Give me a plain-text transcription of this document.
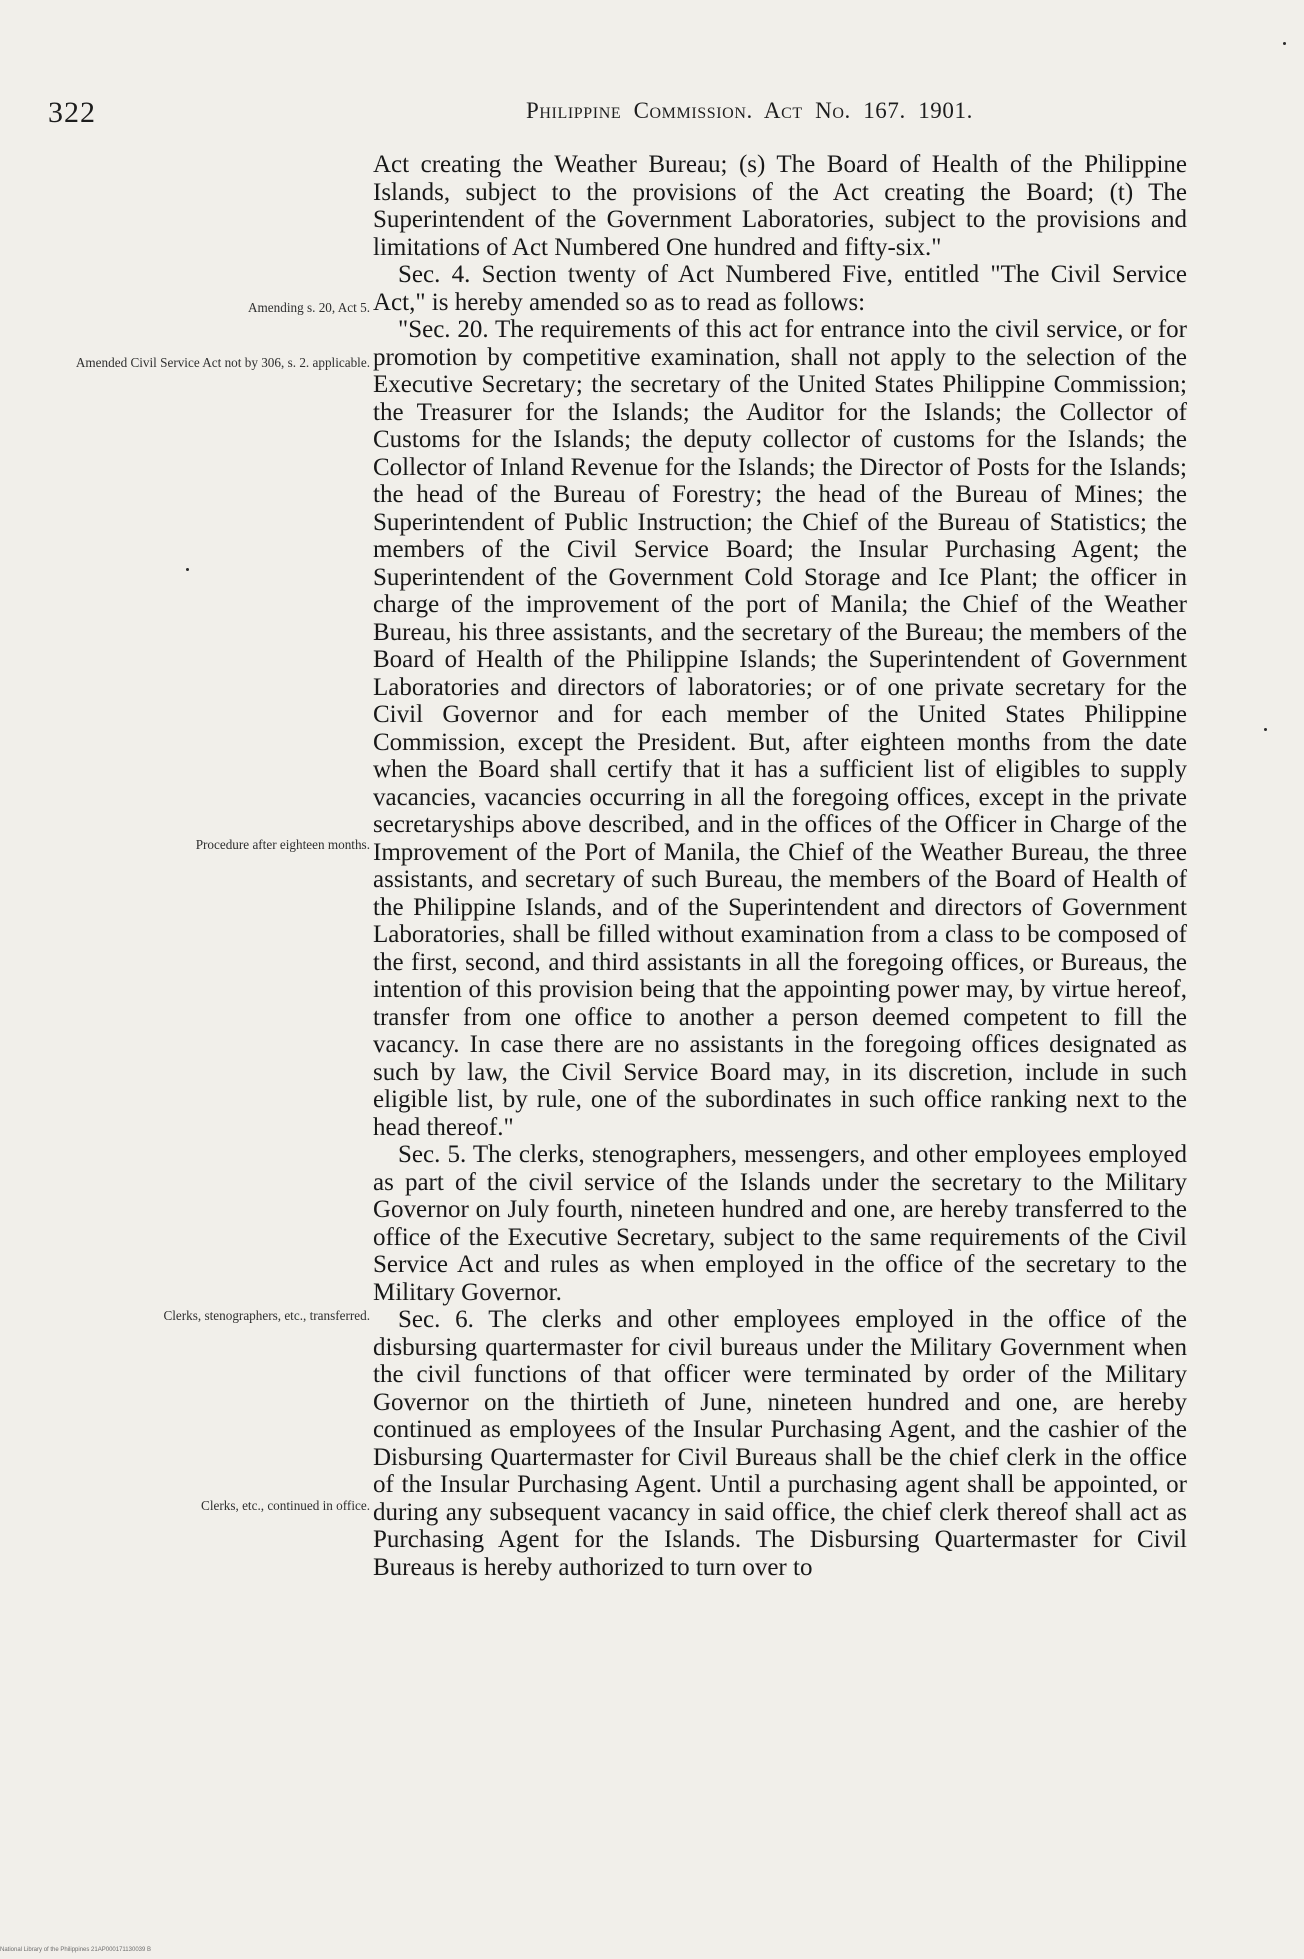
322	Philippine Commission. Act No. 167. 1901.
Amending s. 20, Act 5.
Amended Civil Service Act not by 306, s. 2. applicable.
Procedure after eighteen months.
Clerks, stenographers, etc., transferred.
Clerks, etc., continued in office.

Act creating the Weather Bureau; (s) The Board of Health of the Philippine Islands, subject to the provisions of the Act creating the Board; (t) The Superintendent of the Government Laboratories, subject to the provisions and limitations of Act Numbered One hundred and fifty-six."

Sec. 4. Section twenty of Act Numbered Five, entitled "The Civil Service Act," is hereby amended so as to read as follows:

"Sec. 20. The requirements of this act for entrance into the civil service, or for promotion by competitive examination, shall not apply to the selection of the Executive Secretary; the secretary of the United States Philippine Commission; the Treasurer for the Islands; the Auditor for the Islands; the Collector of Customs for the Islands; the deputy collector of customs for the Islands; the Collector of Inland Revenue for the Islands; the Director of Posts for the Islands; the head of the Bureau of Forestry; the head of the Bureau of Mines; the Superintendent of Public Instruction; the Chief of the Bureau of Statistics; the members of the Civil Service Board; the Insular Purchasing Agent; the Superintendent of the Government Cold Storage and Ice Plant; the officer in charge of the improvement of the port of Manila; the Chief of the Weather Bureau, his three assistants, and the secretary of the Bureau; the members of the Board of Health of the Philippine Islands; the Superintendent of Government Laboratories and directors of laboratories; or of one private secretary for the Civil Governor and for each member of the United States Philippine Commission, except the President. But, after eighteen months from the date when the Board shall certify that it has a sufficient list of eligibles to supply vacancies, vacancies occurring in all the foregoing offices, except in the private secretaryships above described, and in the offices of the Officer in Charge of the Improvement of the Port of Manila, the Chief of the Weather Bureau, the three assistants, and secretary of such Bureau, the members of the Board of Health of the Philippine Islands, and of the Superintendent and directors of Government Laboratories, shall be filled without examination from a class to be composed of the first, second, and third assistants in all the foregoing offices, or Bureaus, the intention of this provision being that the appointing power may, by virtue hereof, transfer from one office to another a person deemed competent to fill the vacancy. In case there are no assistants in the foregoing offices designated as such by law, the Civil Service Board may, in its discretion, include in such eligible list, by rule, one of the subordinates in such office ranking next to the head thereof."

Sec. 5. The clerks, stenographers, messengers, and other employees employed as part of the civil service of the Islands under the secretary to the Military Governor on July fourth, nineteen hundred and one, are hereby transferred to the office of the Executive Secretary, subject to the same requirements of the Civil Service Act and rules as when employed in the office of the secretary to the Military Governor.

Sec. 6. The clerks and other employees employed in the office of the disbursing quartermaster for civil bureaus under the Military Government when the civil functions of that officer were terminated by order of the Military Governor on the thirtieth of June, nineteen hundred and one, are hereby continued as employees of the Insular Purchasing Agent, and the cashier of the Disbursing Quartermaster for Civil Bureaus shall be the chief clerk in the office of the Insular Purchasing Agent. Until a purchasing agent shall be appointed, or during any subsequent vacancy in said office, the chief clerk thereof shall act as Purchasing Agent for the Islands. The Disbursing Quartermaster for Civil Bureaus is hereby authorized to turn over to

National Library of the Philippines 21AP000171130039 B
